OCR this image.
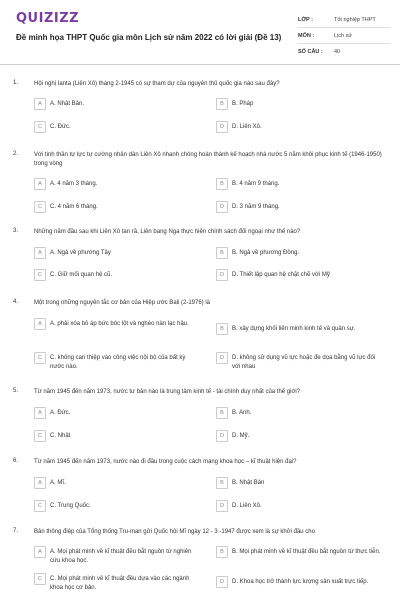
QUIZIZZ
Đề minh họa THPT Quốc gia môn Lịch sử năm 2022 có lời giải (Đề 13)
LỚP :	Tốt nghiệp THPT
MÔN :	Lịch sử
SỐ CÂU :	40
1.	Hội nghị Ianta (Liên Xô) tháng 2-1945 có sự tham dự của nguyên thủ quốc gia nào sau đây?
A	A. Nhật Bản.	B	B. Pháp
C	C. Đức.	D	D. Liên Xô.
2.	Với tinh thần tự lực tự cường nhân dân Liên Xô nhanh chóng hoàn thành kế hoạch nhà nước 5 năm khôi phục kinh tế (1946-1950) trong vòng
A	A. 4 năm 3 tháng.	B	B. 4 năm 9 tháng.
C	C. 4 năm 6 tháng.	D	D. 3 năm 9 tháng.
3.	Những năm đầu sau khi Liên Xô tan rã, Liên bang Nga thực hiện chính sách đối ngoại như thế nào?
A	A. Ngả về phương Tây	B	B. Ngả về phương Đông.
C	C. Giữ mối quan hệ cũ.	D	D. Thiết lập quan hệ chặt chẽ với Mỹ
4.	Một trong những nguyên tắc cơ bản của Hiệp ước Bali (2-1976) là
A	A. phải xóa bỏ áp bức bóc lột và nghèo nàn lạc hậu.
B	B. xây dựng khối liên minh kinh tế và quân sự.
C	C. không can thiệp vào công việc nội bộ của bất kỳ nước nào.
D	D. không sử dụng vũ lực hoặc đe dọa bằng vũ lực đối với nhau
5.	Từ năm 1945 đến năm 1973, nước tư bản nào là trung tâm kinh tế - tài chính duy nhất của thế giới?
A	A. Đức.	B	B. Anh.
C	C. Nhật	D	D. Mỹ.
6.	Từ năm 1945 đến năm 1973, nước nào đi đầu trong cuộc cách mạng khoa học – kĩ thuật hiện đại?
A	A. Mĩ.	B	B. Nhật Bản
C	C. Trung Quốc.	D	D. Liên Xô.
7.	Bản thông điệp của Tổng thống Tru-man gửi Quốc hội Mĩ ngày 12 - 3 -1947 được xem là sự khởi đầu cho
A	A. Mọi phát minh về kĩ thuật đều bắt nguồn từ nghiên cứu khoa học.
B	B. Mọi phát minh về kĩ thuật đều bắt nguồn từ thực tiễn.
C	C. Mọi phát minh về kĩ thuật đều dựa vào các ngành khoa học cơ bản.
D	D. Khoa học trở thành lực lượng sản xuất trực tiếp.
